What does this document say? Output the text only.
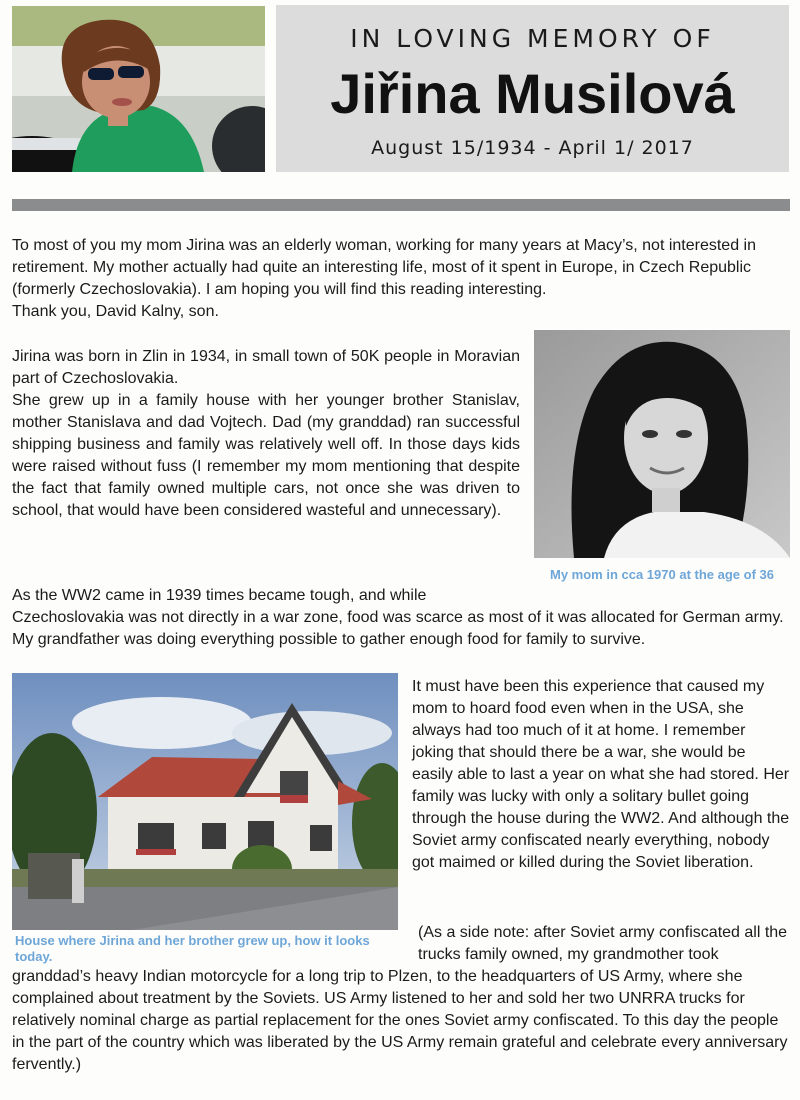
IN LOVING MEMORY OF
Jiřina Musilová
August 15/1934 - April 1/ 2017
To most of you my mom Jirina was an elderly woman, working for many years at Macy’s, not interested in retirement. My mother actually had quite an interesting life, most of it spent in Europe, in Czech Republic (formerly Czechoslovakia). I am hoping you will find this reading interesting.
Thank you, David Kalny, son.
Jirina was born in Zlin in 1934, in small town of 50K people in Moravian part of Czechoslovakia.
She grew up in a family house with her younger brother Stanislav, mother Stanislava and dad Vojtech. Dad (my granddad) ran successful shipping business and family was relatively well off. In those days kids were raised without fuss (I remember my mom mentioning that despite the fact that family owned multiple cars, not once she was driven to school, that would have been considered wasteful and unnecessary).
My mom in cca 1970 at the age of 36
As the WW2 came in 1939 times became tough, and while
Czechoslovakia was not directly in a war zone, food was scarce as most of it was allocated for German army. My grandfather was doing everything possible to gather enough food for family to survive.
House where Jirina and her brother grew up, how it looks today.
It must have been this experience that caused my mom to hoard food even when in the USA, she always had too much of it at home. I remember joking that should there be a war, she would be easily able to last a year on what she had stored. Her family was lucky with only a solitary bullet going through the house during the WW2. And although the Soviet army confiscated nearly everything, nobody got maimed or killed during the Soviet liberation.
(As a side note: after Soviet army confiscated all the trucks family owned, my grandmother took
granddad’s heavy Indian motorcycle for a long trip to Plzen, to the headquarters of US Army, where she complained about treatment by the Soviets. US Army listened to her and sold her two UNRRA trucks for relatively nominal charge as partial replacement for the ones Soviet army confiscated. To this day the people in the part of the country which was liberated by the US Army remain grateful and celebrate every anniversary fervently.)
